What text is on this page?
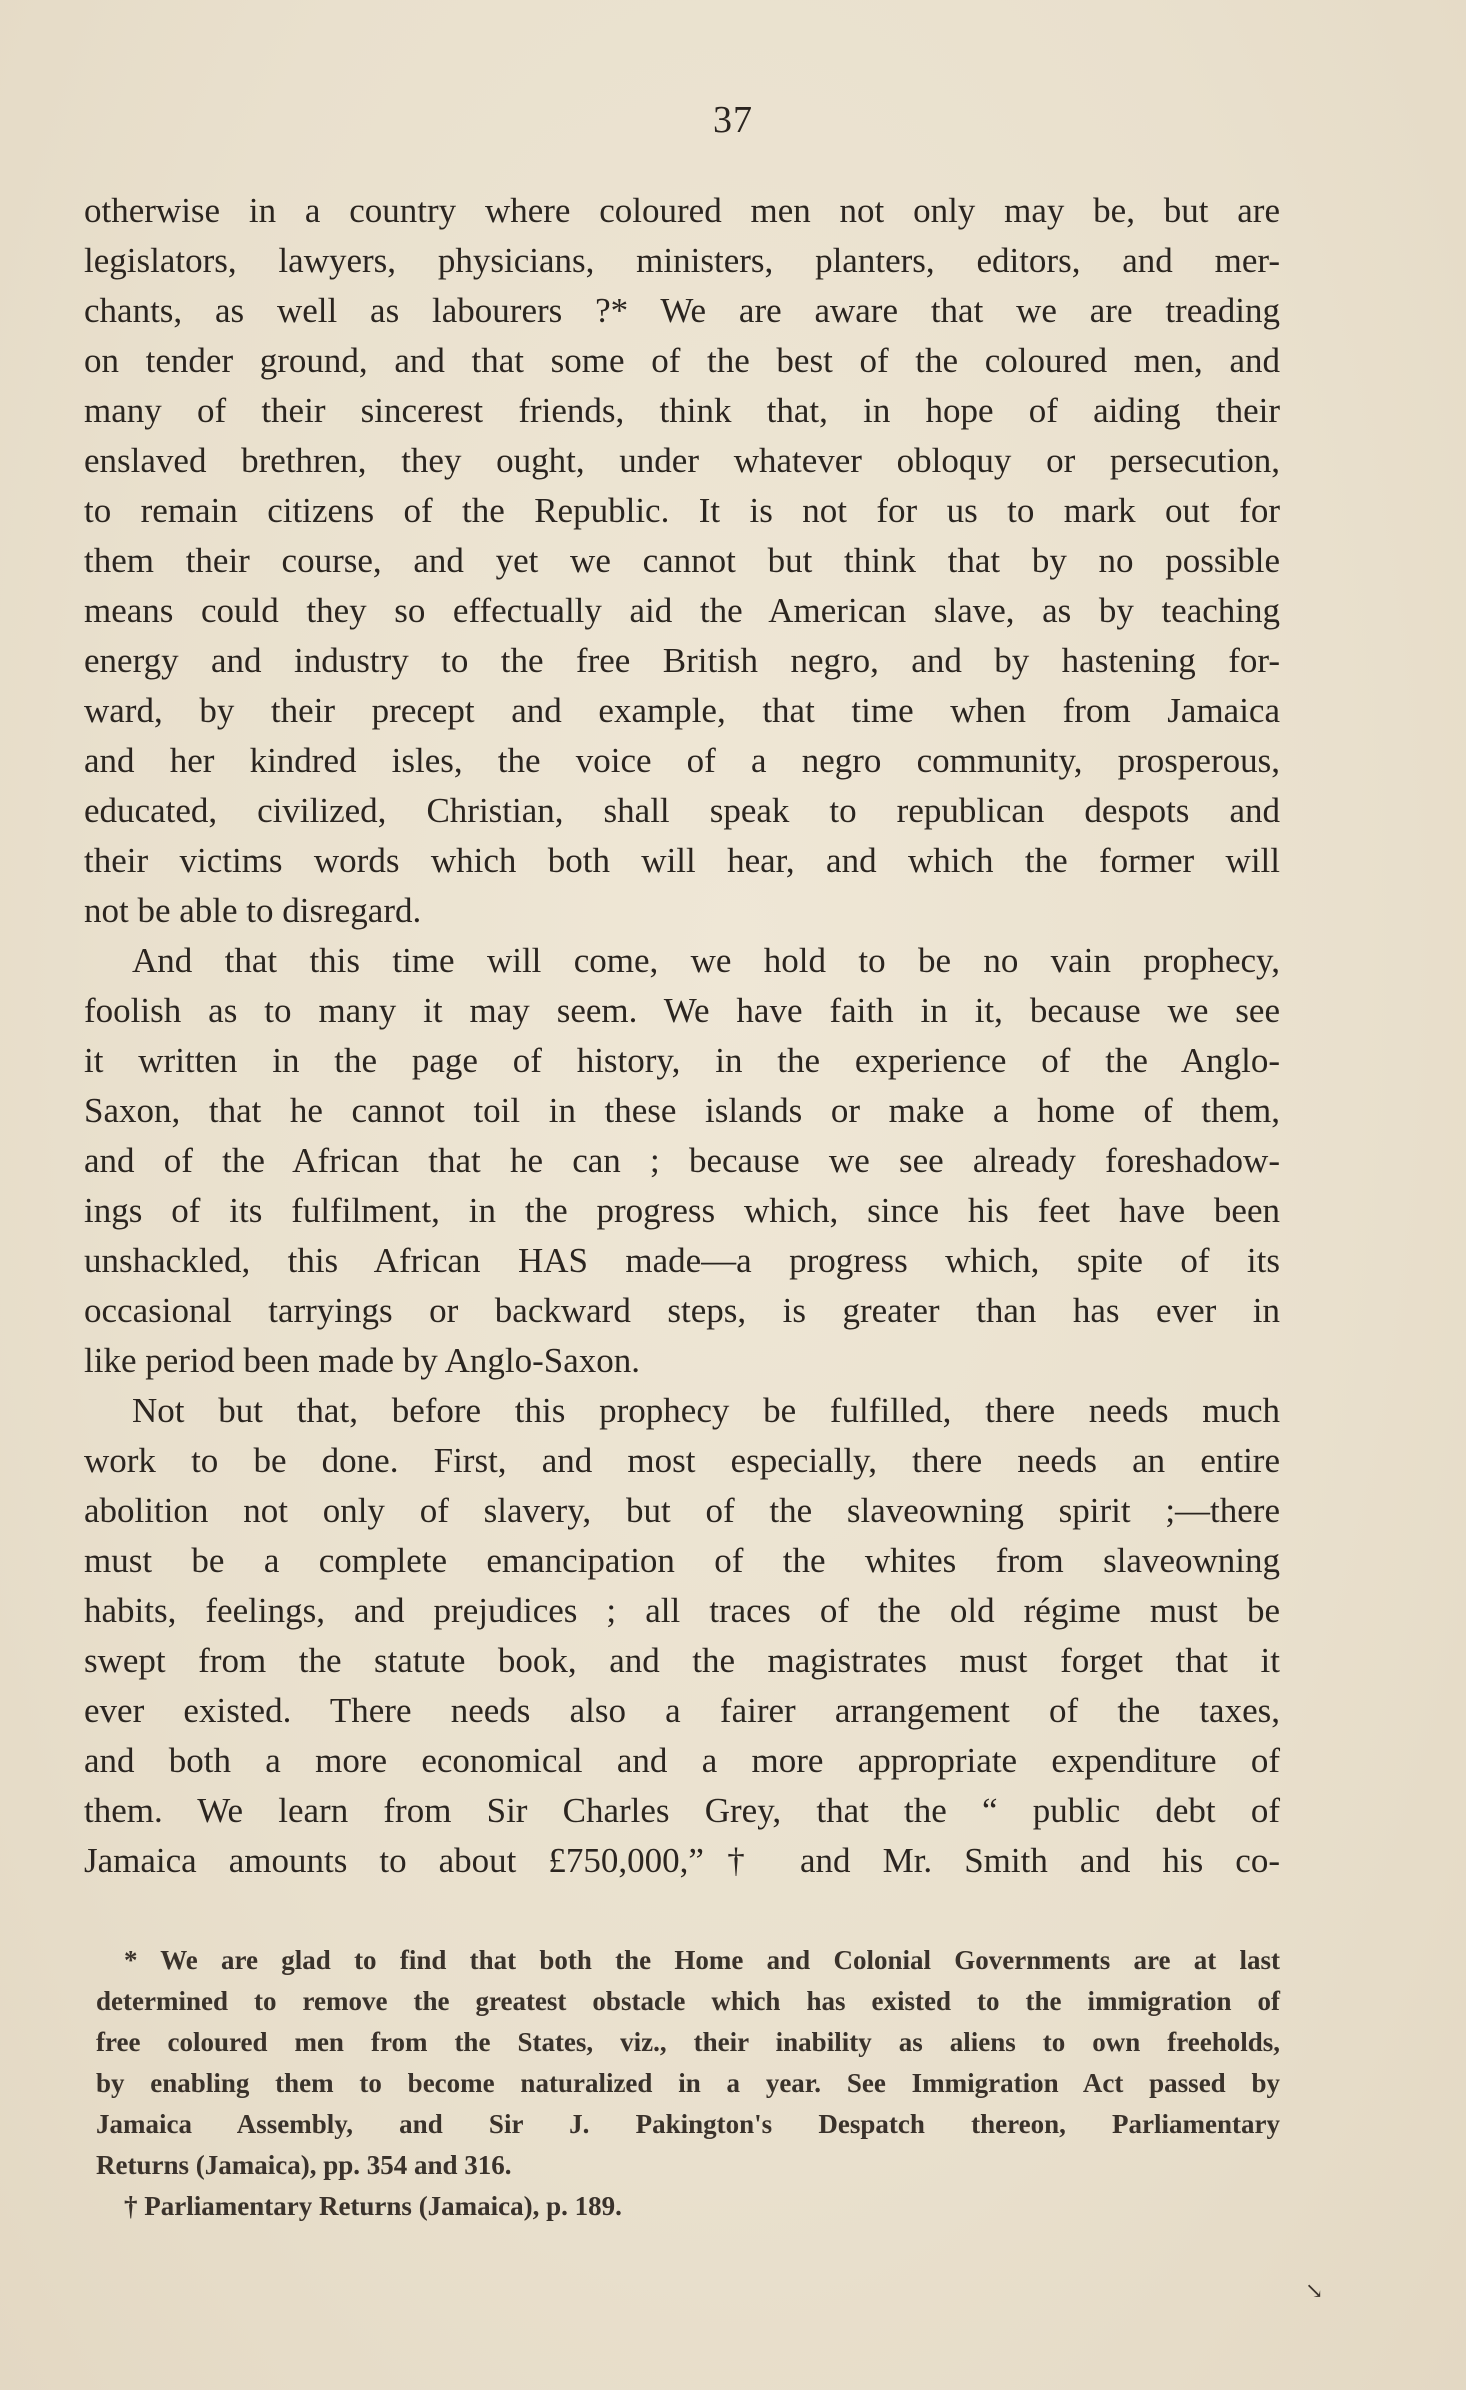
37
otherwise in a country where coloured men not only may be, but are
legislators, lawyers, physicians, ministers, planters, editors, and mer-
chants, as well as labourers ?* We are aware that we are treading
on tender ground, and that some of the best of the coloured men, and
many of their sincerest friends, think that, in hope of aiding their
enslaved brethren, they ought, under whatever obloquy or persecution,
to remain citizens of the Republic. It is not for us to mark out for
them their course, and yet we cannot but think that by no possible
means could they so effectually aid the American slave, as by teaching
energy and industry to the free British negro, and by hastening for-
ward, by their precept and example, that time when from Jamaica
and her kindred isles, the voice of a negro community, prosperous,
educated, civilized, Christian, shall speak to republican despots and
their victims words which both will hear, and which the former will
not be able to disregard.
And that this time will come, we hold to be no vain prophecy,
foolish as to many it may seem. We have faith in it, because we see
it written in the page of history, in the experience of the Anglo-
Saxon, that he cannot toil in these islands or make a home of them,
and of the African that he can ; because we see already foreshadow-
ings of its fulfilment, in the progress which, since his feet have been
unshackled, this African HAS made—a progress which, spite of its
occasional tarryings or backward steps, is greater than has ever in
like period been made by Anglo-Saxon.
Not but that, before this prophecy be fulfilled, there needs much
work to be done. First, and most especially, there needs an entire
abolition not only of slavery, but of the slaveowning spirit ;—there
must be a complete emancipation of the whites from slaveowning
habits, feelings, and prejudices ; all traces of the old régime must be
swept from the statute book, and the magistrates must forget that it
ever existed. There needs also a fairer arrangement of the taxes,
and both a more economical and a more appropriate expenditure of
them. We learn from Sir Charles Grey, that the “ public debt of
Jamaica amounts to about £750,000,”† and Mr. Smith and his co-
* We are glad to find that both the Home and Colonial Governments are at last
determined to remove the greatest obstacle which has existed to the immigration of
free coloured men from the States, viz., their inability as aliens to own freeholds,
by enabling them to become naturalized in a year. See Immigration Act passed by
Jamaica Assembly, and Sir J. Pakington's Despatch thereon, Parliamentary
Returns (Jamaica), pp. 354 and 316.
† Parliamentary Returns (Jamaica), p. 189.
↘
